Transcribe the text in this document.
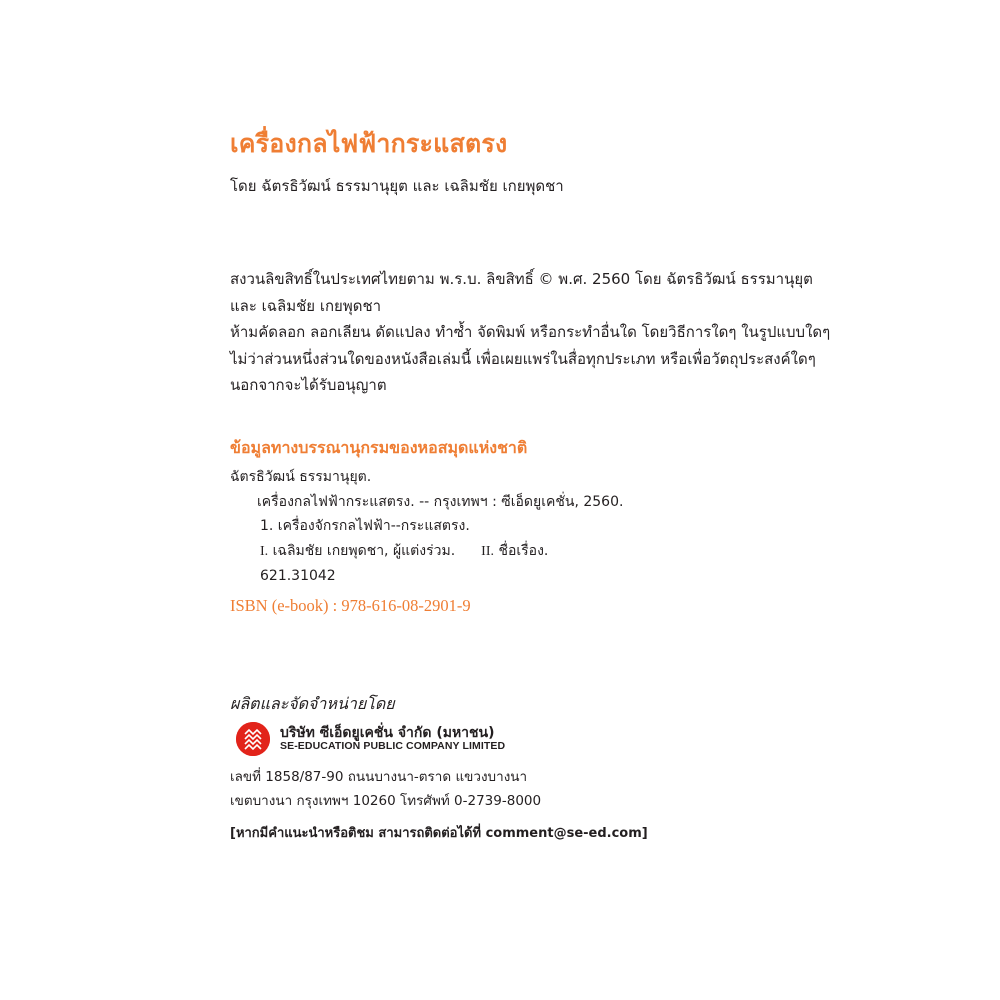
เครื่องกลไฟฟ้ากระแสตรง
โดย ฉัตรธิวัฒน์ ธรรมานุยุต และ เฉลิมชัย เกยพุดชา
สงวนลิขสิทธิ์ในประเทศไทยตาม พ.ร.บ. ลิขสิทธิ์ © พ.ศ. 2560 โดย ฉัตรธิวัฒน์ ธรรมานุยุต
และ เฉลิมชัย เกยพุดชา
ห้ามคัดลอก ลอกเลียน ดัดแปลง ทำซ้ำ จัดพิมพ์ หรือกระทำอื่นใด โดยวิธีการใดๆ ในรูปแบบใดๆ
ไม่ว่าส่วนหนึ่งส่วนใดของหนังสือเล่มนี้ เพื่อเผยแพร่ในสื่อทุกประเภท หรือเพื่อวัตถุประสงค์ใดๆ
นอกจากจะได้รับอนุญาต
ข้อมูลทางบรรณานุกรมของหอสมุดแห่งชาติ
ฉัตรธิวัฒน์ ธรรมานุยุต.
เครื่องกลไฟฟ้ากระแสตรง. -- กรุงเทพฯ : ซีเอ็ดยูเคชั่น, 2560.
1. เครื่องจักรกลไฟฟ้า--กระแสตรง.
I. เฉลิมชัย เกยพุดชา, ผู้แต่งร่วม. II. ชื่อเรื่อง.
621.31042
ISBN (e-book) : 978-616-08-2901-9
ผลิตและจัดจำหน่ายโดย
บริษัท ซีเอ็ดยูเคชั่น จำกัด (มหาชน)
SE-EDUCATION PUBLIC COMPANY LIMITED
เลขที่ 1858/87-90 ถนนบางนา-ตราด แขวงบางนา
เขตบางนา กรุงเทพฯ 10260 โทรศัพท์ 0-2739-8000
[หากมีคำแนะนำหรือติชม สามารถติดต่อได้ที่ comment@se-ed.com]
